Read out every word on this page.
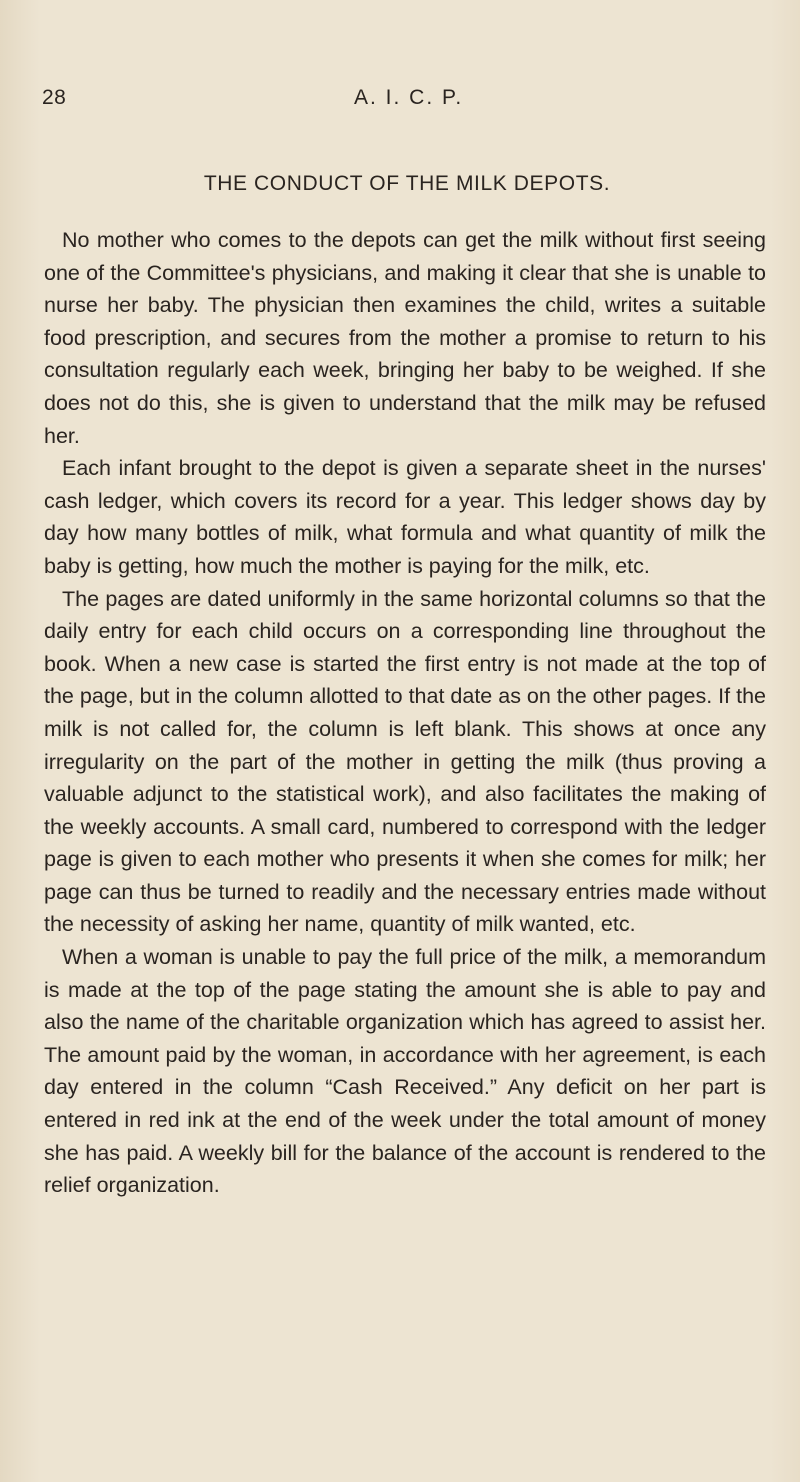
28	A. I. C. P.
THE CONDUCT OF THE MILK DEPOTS.

No mother who comes to the depots can get the milk without first seeing one of the Committee's physicians, and making it clear that she is unable to nurse her baby. The physician then examines the child, writes a suitable food prescription, and secures from the mother a promise to return to his consultation regularly each week, bringing her baby to be weighed. If she does not do this, she is given to understand that the milk may be refused her.

Each infant brought to the depot is given a separate sheet in the nurses' cash ledger, which covers its record for a year. This ledger shows day by day how many bottles of milk, what formula and what quantity of milk the baby is getting, how much the mother is paying for the milk, etc.

The pages are dated uniformly in the same horizontal columns so that the daily entry for each child occurs on a corresponding line throughout the book. When a new case is started the first entry is not made at the top of the page, but in the column allotted to that date as on the other pages. If the milk is not called for, the column is left blank. This shows at once any irregularity on the part of the mother in getting the milk (thus proving a valuable adjunct to the statistical work), and also facilitates the making of the weekly accounts. A small card, numbered to correspond with the ledger page is given to each mother who presents it when she comes for milk; her page can thus be turned to readily and the necessary entries made without the necessity of asking her name, quantity of milk wanted, etc.

When a woman is unable to pay the full price of the milk, a memorandum is made at the top of the page stating the amount she is able to pay and also the name of the charitable organization which has agreed to assist her. The amount paid by the woman, in accordance with her agreement, is each day entered in the column “Cash Received.” Any deficit on her part is entered in red ink at the end of the week under the total amount of money she has paid. A weekly bill for the balance of the account is rendered to the relief organization.
